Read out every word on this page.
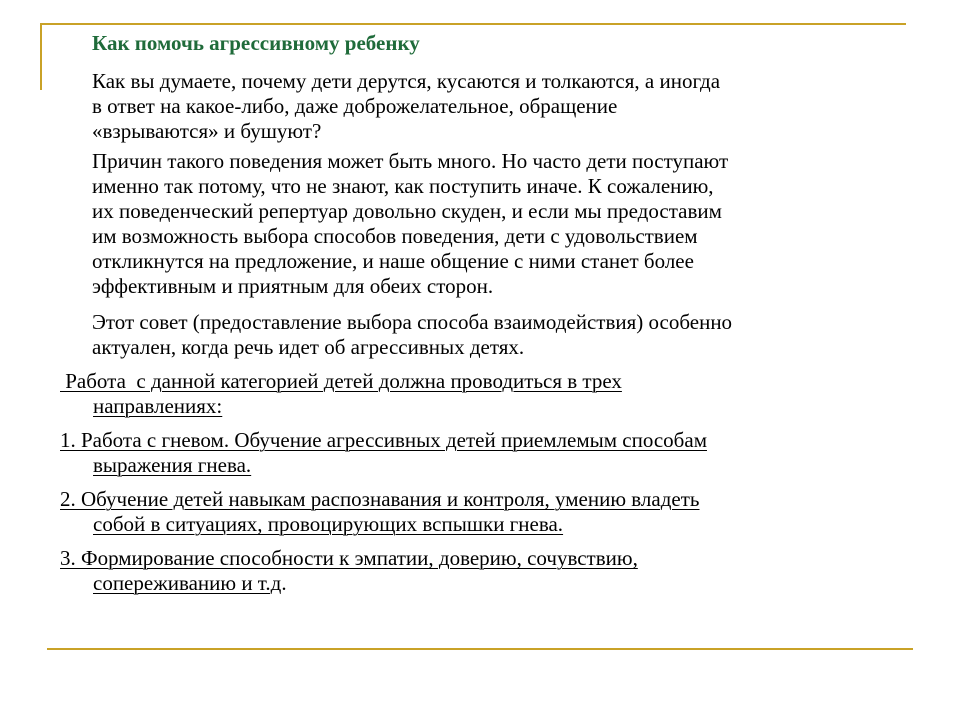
Как помочь агрессивному ребенку

Как вы думаете, почему дети дерутся, кусаются и толкаются, а иногда
в ответ на какое-либо, даже доброжелательное, обращение
«взрываются» и бушуют?
Причин такого поведения может быть много. Но часто дети поступают
именно так потому, что не знают, как поступить иначе. К сожалению,
их поведенческий репертуар довольно скуден, и если мы предоставим
им возможность выбора способов поведения, дети с удовольствием
откликнутся на предложение, и наше общение с ними станет более
эффективным и приятным для обеих сторон.
Этот совет (предоставление выбора способа взаимодействия) особенно
актуален, когда речь идет об агрессивных детях.
Работа  с данной категорией детей должна проводиться в трех
направлениях:
1. Работа с гневом. Обучение агрессивных детей приемлемым способам
выражения гнева.
2. Обучение детей навыкам распознавания и контроля, умению владеть
собой в ситуациях, провоцирующих вспышки гнева.
3. Формирование способности к эмпатии, доверию, сочувствию,
сопереживанию и т.д.
